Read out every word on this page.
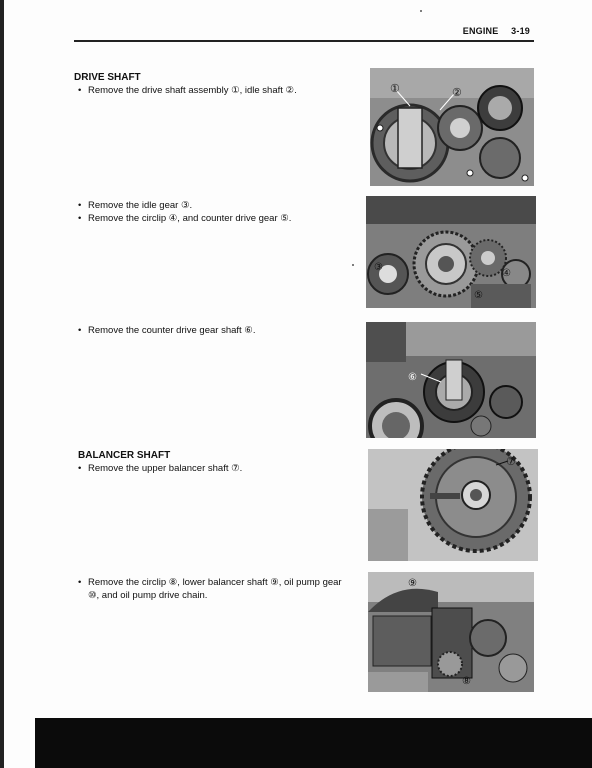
ENGINE 3-19
DRIVE SHAFT
• Remove the drive shaft assembly ①, idle shaft ②.
• Remove the idle gear ③.
• Remove the circlip ④, and counter drive gear ⑤.
• Remove the counter drive gear shaft ⑥.
BALANCER SHAFT
• Remove the upper balancer shaft ⑦.
• Remove the circlip ⑧, lower balancer shaft ⑨, oil pump gear
⑩, and oil pump drive chain.
①	②
③
④
⑤
⑥
⑦
⑨
⑧
